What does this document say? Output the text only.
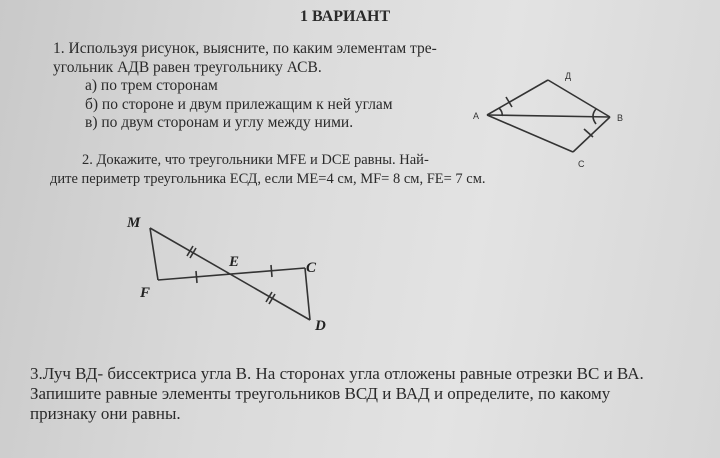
1 ВАРИАНТ
1. Используя рисунок, выясните, по каким элементам тре-
угольник АДВ равен треугольнику АСВ.
а) по трем сторонам
б) по стороне и двум прилежащим к ней углам
в) по двум сторонам и углу между ними.	А
Д
В
С
2. Докажите, что треугольники MFE и DCE равны. Най-
дите периметр треугольника ЕСД, если ME=4 см, MF= 8 см, FE= 7 см.
M
E	C
F
D
3.Луч ВД- биссектриса угла В. На сторонах угла отложены равные отрезки ВС и ВА.
Запишите равные элементы треугольников ВСД и ВАД и определите, по какому
признаку они равны.
